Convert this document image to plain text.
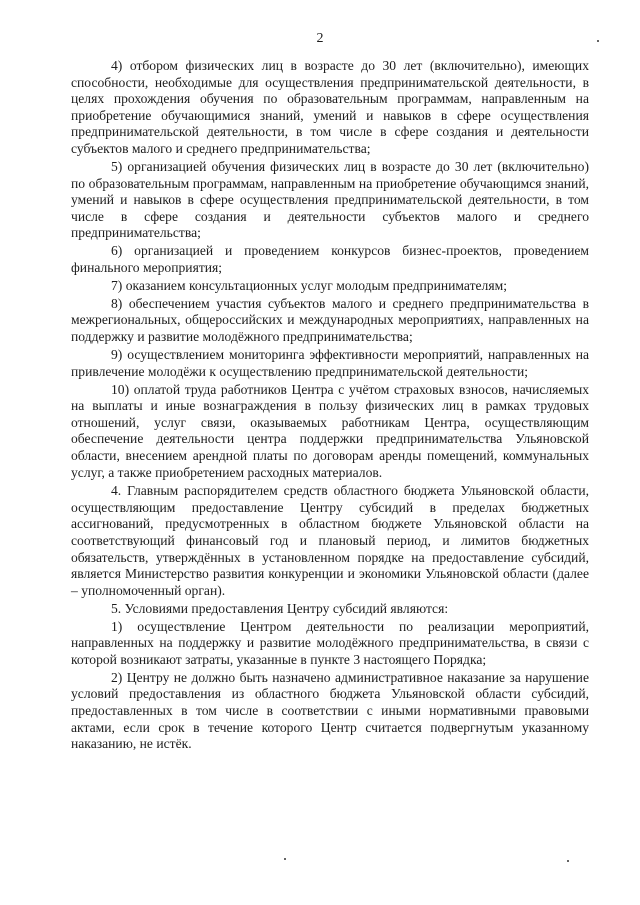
2

4) отбором физических лиц в возрасте до 30 лет (включительно), имеющих способности, необходимые для осуществления предпринимательской деятельности, в целях прохождения обучения по образовательным программам, направленным на приобретение обучающимися знаний, умений и навыков в сфере осуществления предпринимательской деятельности, в том числе в сфере создания и деятельности субъектов малого и среднего предпринимательства;

5) организацией обучения физических лиц в возрасте до 30 лет (включительно) по образовательным программам, направленным на приобретение обучающимся знаний, умений и навыков в сфере осуществления предпринимательской деятельности, в том числе в сфере создания и деятельности субъектов малого и среднего предпринимательства;

6) организацией и проведением конкурсов бизнес-проектов, проведением финального мероприятия;

7) оказанием консультационных услуг молодым предпринимателям;

8) обеспечением участия субъектов малого и среднего предпринимательства в межрегиональных, общероссийских и международных мероприятиях, направленных на поддержку и развитие молодёжного предпринимательства;

9) осуществлением мониторинга эффективности мероприятий, направленных на привлечение молодёжи к осуществлению предпринимательской деятельности;

10) оплатой труда работников Центра с учётом страховых взносов, начисляемых на выплаты и иные вознаграждения в пользу физических лиц в рамках трудовых отношений, услуг связи, оказываемых работникам Центра, осуществляющим обеспечение деятельности центра поддержки предпринимательства Ульяновской области, внесением арендной платы по договорам аренды помещений, коммунальных услуг, а также приобретением расходных материалов.

4. Главным распорядителем средств областного бюджета Ульяновской области, осуществляющим предоставление Центру субсидий в пределах бюджетных ассигнований, предусмотренных в областном бюджете Ульяновской области на соответствующий финансовый год и плановый период, и лимитов бюджетных обязательств, утверждённых в установленном порядке на предоставление субсидий, является Министерство развития конкуренции и экономики Ульяновской области (далее – уполномоченный орган).

5. Условиями предоставления Центру субсидий являются:

1) осуществление Центром деятельности по реализации мероприятий, направленных на поддержку и развитие молодёжного предпринимательства, в связи с которой возникают затраты, указанные в пункте 3 настоящего Порядка;

2) Центру не должно быть назначено административное наказание за нарушение условий предоставления из областного бюджета Ульяновской области субсидий, предоставленных в том числе в соответствии с иными нормативными правовыми актами, если срок в течение которого Центр считается подвергнутым указанному наказанию, не истёк.
